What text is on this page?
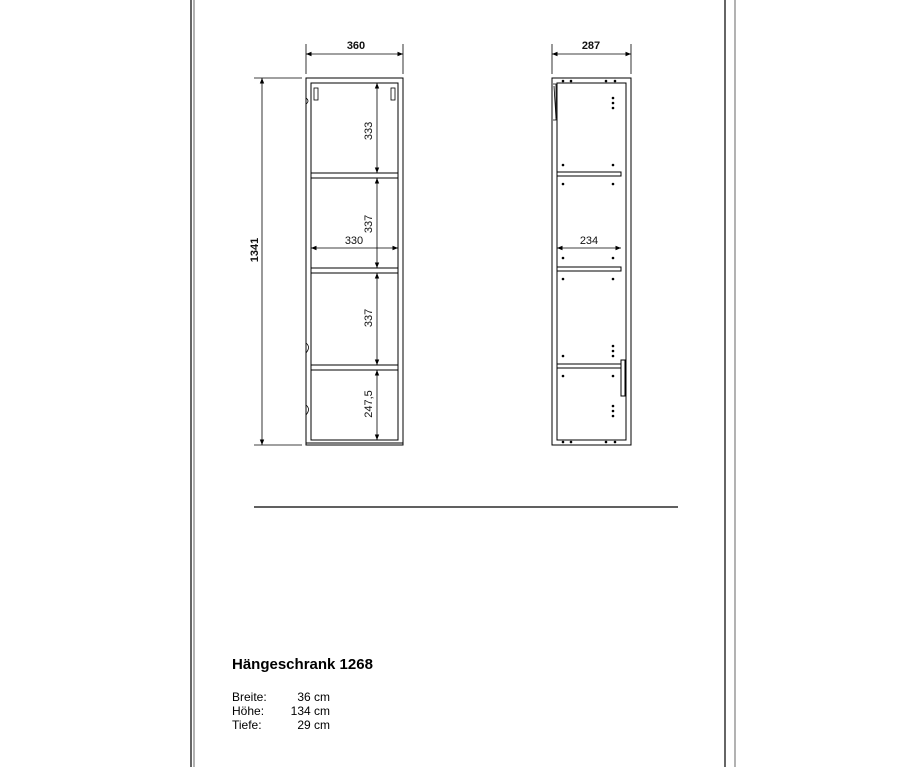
360
1341	330
333
337
337
247,5
287
234
Hängeschrank 1268
Breite:	36 cm
Höhe:	134 cm
Tiefe:	29 cm
